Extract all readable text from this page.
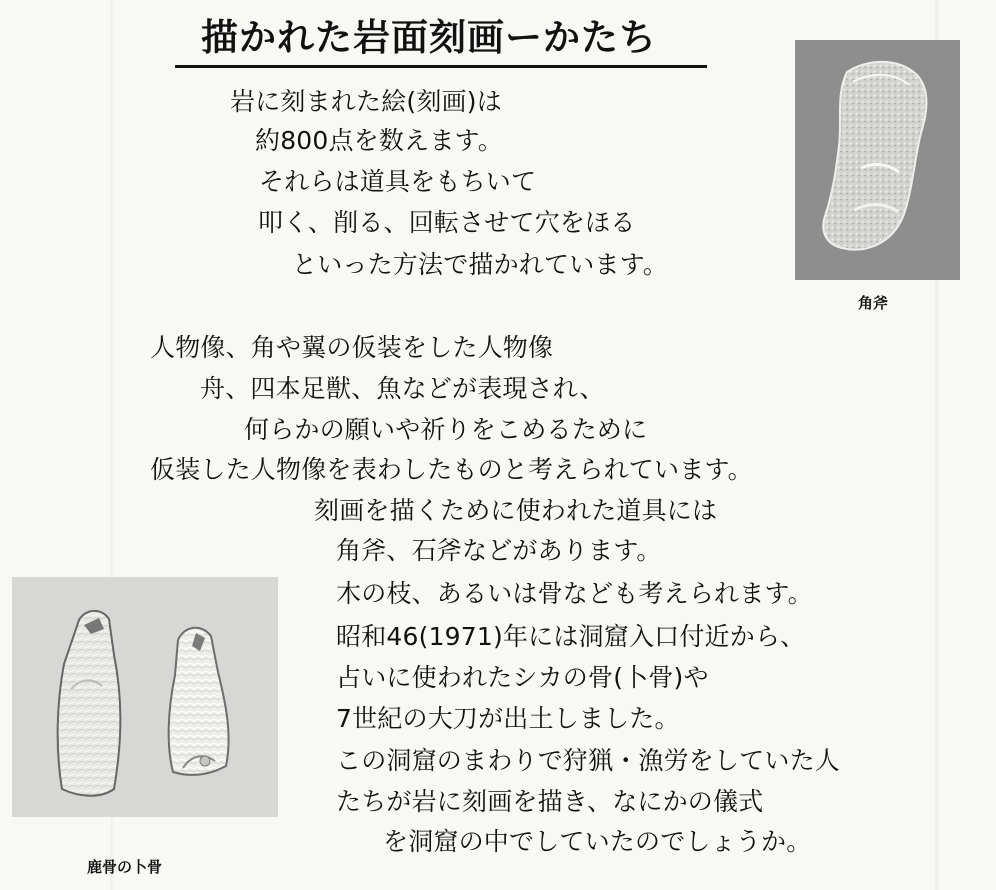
描かれた岩面刻画ーかたち
岩に刻まれた絵(刻画)は
約800点を数えます。
それらは道具をもちいて
叩く、削る、回転させて穴をほる
といった方法で描かれています。
人物像、角や翼の仮装をした人物像
舟、四本足獣、魚などが表現され、
何らかの願いや祈りをこめるために
仮装した人物像を表わしたものと考えられています。
刻画を描くために使われた道具には
角斧、石斧などがあります。
木の枝、あるいは骨なども考えられます。
昭和46(1971)年には洞窟入口付近から、
占いに使われたシカの骨(卜骨)や
7世紀の大刀が出土しました。
この洞窟のまわりで狩猟・漁労をしていた人
たちが岩に刻画を描き、なにかの儀式
を洞窟の中でしていたのでしょうか。
角斧
鹿骨の卜骨
